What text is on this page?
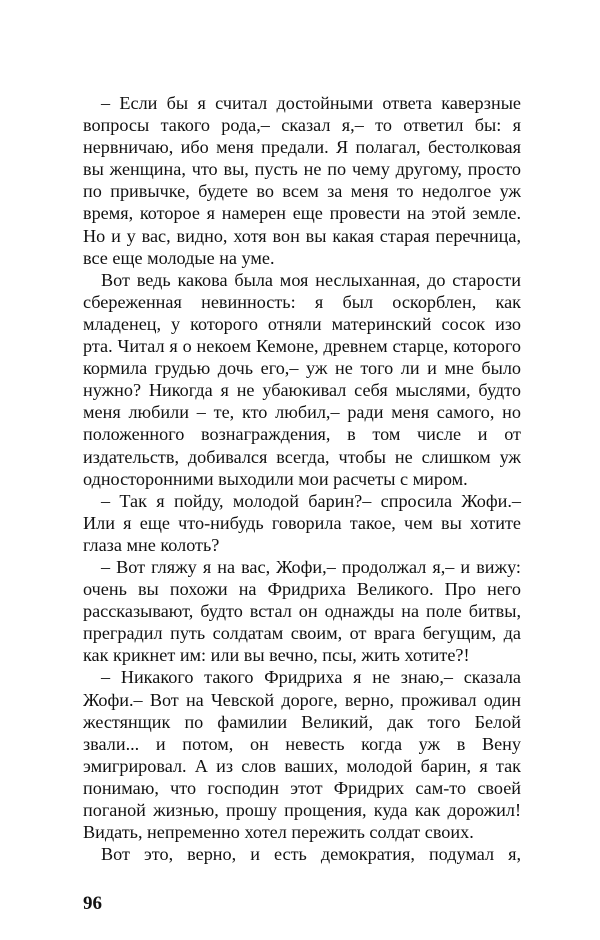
– Если бы я считал достойными ответа каверзные вопросы такого рода,– сказал я,– то ответил бы: я нервничаю, ибо меня предали. Я полагал, бестолковая вы женщина, что вы, пусть не по чему другому, просто по привычке, будете во всем за меня то недолгое уж время, которое я намерен еще провести на этой земле. Но и у вас, видно, хотя вон вы какая старая перечница, все еще молодые на уме.

Вот ведь какова была моя неслыханная, до старости сбереженная невинность: я был оскорблен, как младенец, у которого отняли материнский сосок изо рта. Читал я о некоем Кемоне, древнем старце, которого кормила грудью дочь его,– уж не того ли и мне было нужно? Никогда я не убаюкивал себя мыслями, будто меня любили – те, кто любил,– ради меня самого, но положенного вознаграждения, в том числе и от издательств, добивался всегда, чтобы не слишком уж односторонними выходили мои расчеты с миром.

– Так я пойду, молодой барин?– спросила Жофи.– Или я еще что-нибудь говорила такое, чем вы хотите глаза мне колоть?

– Вот гляжу я на вас, Жофи,– продолжал я,– и вижу: очень вы похожи на Фридриха Великого. Про него рассказывают, будто встал он однажды на поле битвы, преградил путь солдатам своим, от врага бегущим, да как крикнет им: или вы вечно, псы, жить хотите?!

– Никакого такого Фридриха я не знаю,– сказала Жофи.– Вот на Чевской дороге, верно, проживал один жестянщик по фамилии Великий, дак того Белой звали... и потом, он невесть когда уж в Вену эмигрировал. А из слов ваших, молодой барин, я так понимаю, что господин этот Фридрих сам-то своей поганой жизнью, прошу прощения, куда как дорожил! Видать, непременно хотел пережить солдат своих.

Вот это, верно, и есть демократия, подумал я,

96
